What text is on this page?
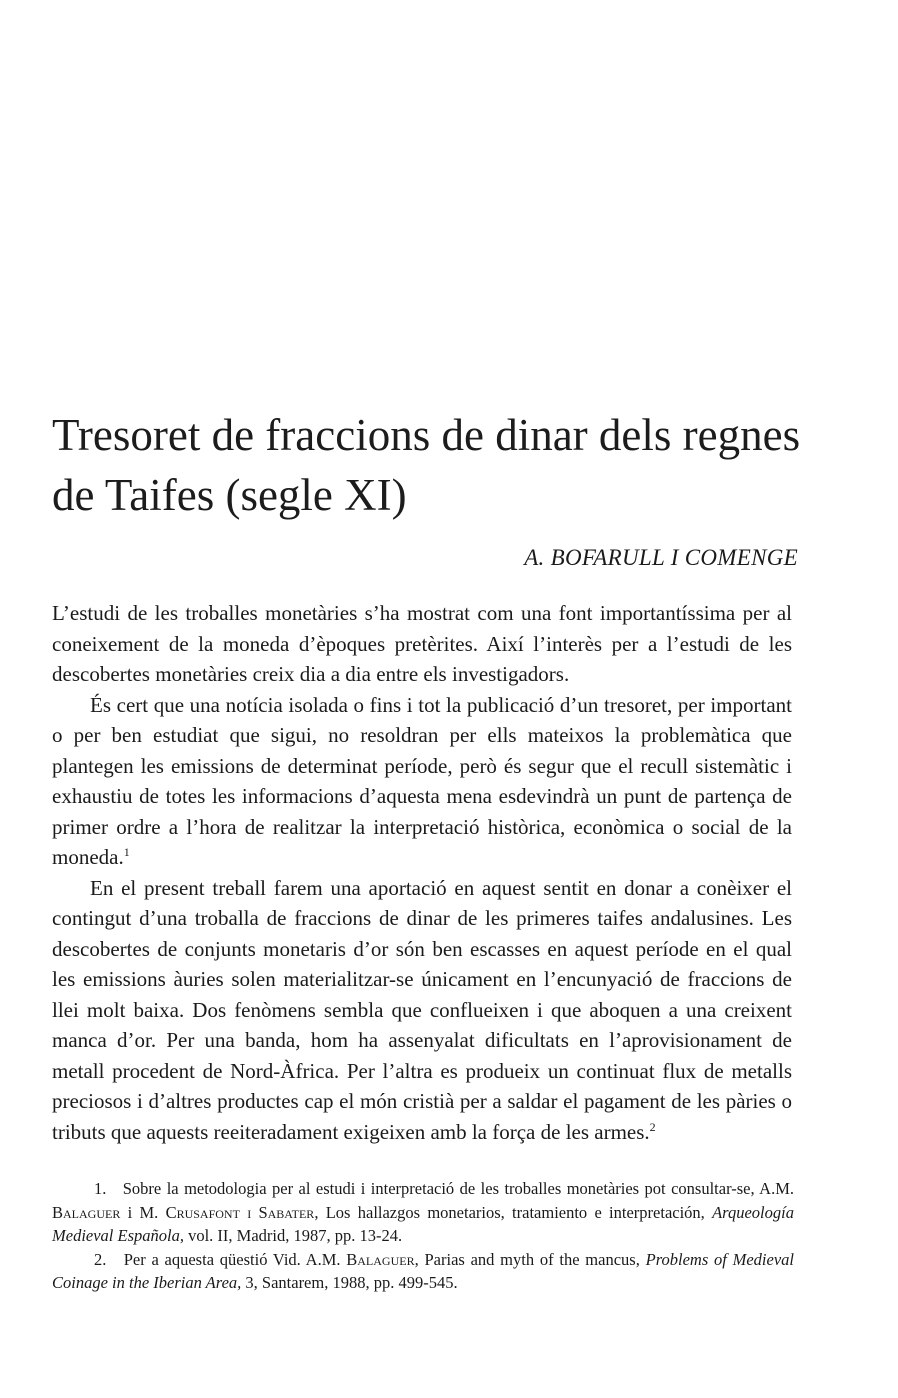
Tresoret de fraccions de dinar dels regnes de Taifes (segle XI)
A. BOFARULL I COMENGE

L’estudi de les troballes monetàries s’ha mostrat com una font importantíssima per al coneixement de la moneda d’èpoques pretèrites. Així l’interès per a l’estudi de les descobertes monetàries creix dia a dia entre els investigadors.

És cert que una notícia isolada o fins i tot la publicació d’un tresoret, per important o per ben estudiat que sigui, no resoldran per ells mateixos la problemàtica que plantegen les emissions de determinat període, però és segur que el recull sistemàtic i exhaustiu de totes les informacions d’aquesta mena esdevindrà un punt de partença de primer ordre a l’hora de realitzar la interpretació històrica, econòmica o social de la moneda.$^1$

En el present treball farem una aportació en aquest sentit en donar a conèixer el contingut d’una troballa de fraccions de dinar de les primeres taifes andalusines. Les descobertes de conjunts monetaris d’or són ben escasses en aquest període en el qual les emissions àuries solen materialitzar-se únicament en l’encunyació de fraccions de llei molt baixa. Dos fenòmens sembla que conflueixen i que aboquen a una creixent manca d’or. Per una banda, hom ha assenyalat dificultats en l’aprovisionament de metall procedent de Nord-Àfrica. Per l’altra es produeix un continuat flux de metalls preciosos i d’altres productes cap el món cristià per a saldar el pagament de les pàries o tributs que aquests reeiteradament exigeixen amb la força de les armes.$^2$

1. Sobre la metodologia per al estudi i interpretació de les troballes monetàries pot consultar-se, A.M. Balaguer i M. Crusafont i Sabater, Los hallazgos monetarios, tratamiento e interpretación, Arqueología Medieval Española, vol. II, Madrid, 1987, pp. 13-24.

2. Per a aquesta qüestió Vid. A.M. Balaguer, Parias and myth of the mancus, Problems of Medieval Coinage in the Iberian Area, 3, Santarem, 1988, pp. 499-545.
